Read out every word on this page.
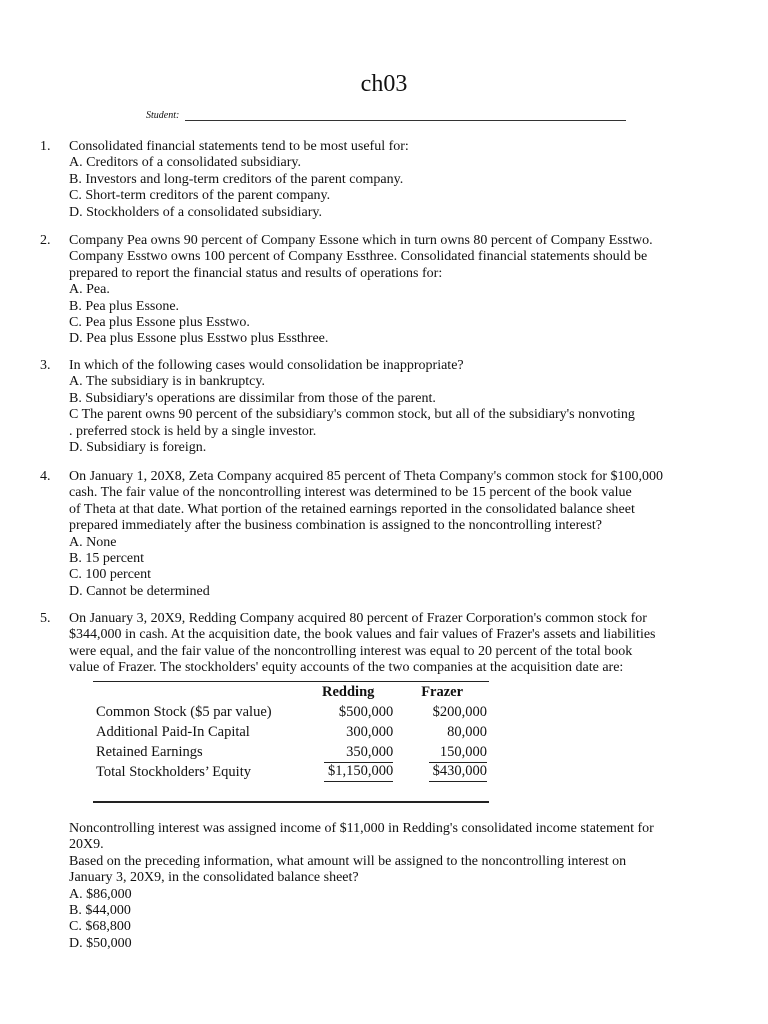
ch03
Student:
1.	Consolidated financial statements tend to be most useful for:
A. Creditors of a consolidated subsidiary.
B. Investors and long-term creditors of the parent company.
C. Short-term creditors of the parent company.
D. Stockholders of a consolidated subsidiary.
2.	Company Pea owns 90 percent of Company Essone which in turn owns 80 percent of Company Esstwo.
Company Esstwo owns 100 percent of Company Essthree. Consolidated financial statements should be
prepared to report the financial status and results of operations for:
A. Pea.
B. Pea plus Essone.
C. Pea plus Essone plus Esstwo.
D. Pea plus Essone plus Esstwo plus Essthree.
3.	In which of the following cases would consolidation be inappropriate?
A. The subsidiary is in bankruptcy.
B. Subsidiary's operations are dissimilar from those of the parent.
C The parent owns 90 percent of the subsidiary's common stock, but all of the subsidiary's nonvoting
. preferred stock is held by a single investor.
D. Subsidiary is foreign.
4.	On January 1, 20X8, Zeta Company acquired 85 percent of Theta Company's common stock for $100,000
cash. The fair value of the noncontrolling interest was determined to be 15 percent of the book value
of Theta at that date. What portion of the retained earnings reported in the consolidated balance sheet
prepared immediately after the business combination is assigned to the noncontrolling interest?
A. None
B. 15 percent
C. 100 percent
D. Cannot be determined
5.	On January 3, 20X9, Redding Company acquired 80 percent of Frazer Corporation's common stock for
$344,000 in cash. At the acquisition date, the book values and fair values of Frazer's assets and liabilities
were equal, and the fair value of the noncontrolling interest was equal to 20 percent of the total book
value of Frazer. The stockholders' equity accounts of the two companies at the acquisition date are:
	Redding	Frazer
Common Stock ($5 par value)	$500,000	$200,000
Additional Paid-In Capital	300,000	80,000
Retained Earnings	350,000	150,000
Total Stockholders’ Equity	$1,150,000	$430,000
Noncontrolling interest was assigned income of $11,000 in Redding's consolidated income statement for
20X9.
Based on the preceding information, what amount will be assigned to the noncontrolling interest on
January 3, 20X9, in the consolidated balance sheet?
A. $86,000
B. $44,000
C. $68,800
D. $50,000
